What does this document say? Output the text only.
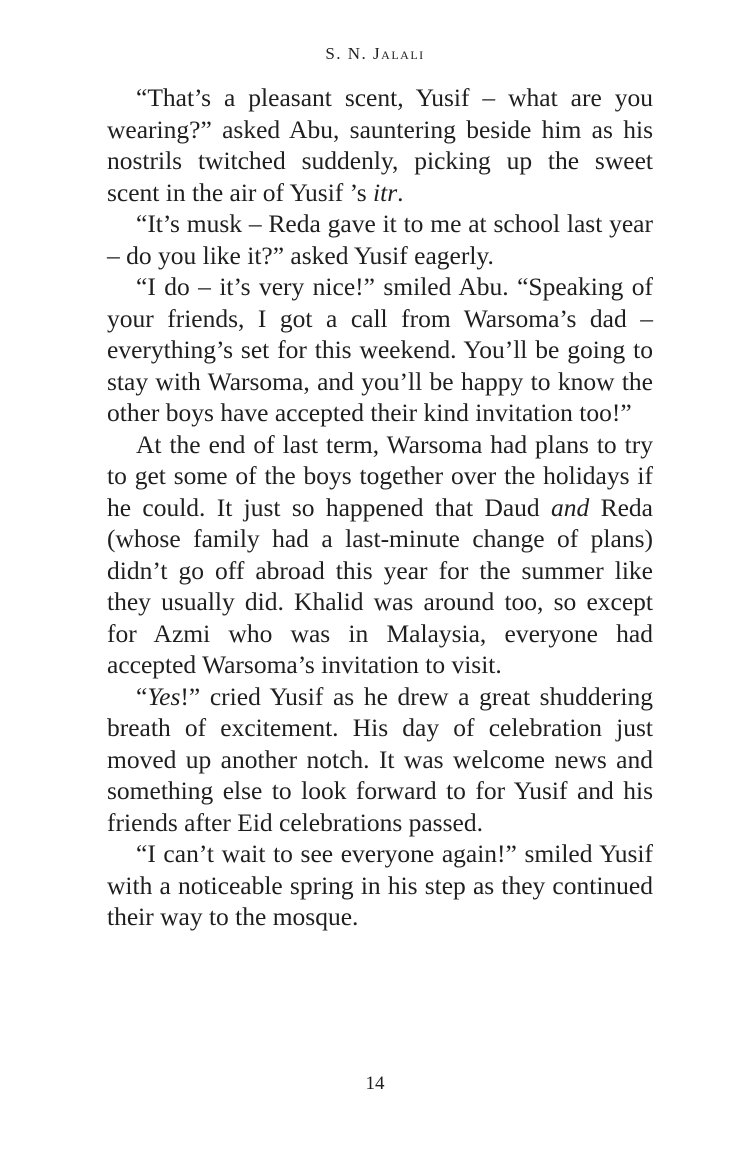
S. N. Jalali

“That’s a pleasant scent, Yusif – what are you wearing?” asked Abu, sauntering beside him as his nostrils twitched suddenly, picking up the sweet scent in the air of Yusif ’s itr.

“It’s musk – Reda gave it to me at school last year – do you like it?” asked Yusif eagerly.

“I do – it’s very nice!” smiled Abu. “Speaking of your friends, I got a call from Warsoma’s dad – everything’s set for this weekend. You’ll be going to stay with Warsoma, and you’ll be happy to know the other boys have accepted their kind invitation too!”

At the end of last term, Warsoma had plans to try to get some of the boys together over the holidays if he could. It just so happened that Daud and Reda (whose family had a last-minute change of plans) didn’t go off abroad this year for the summer like they usually did. Khalid was around too, so except for Azmi who was in Malaysia, everyone had accepted Warsoma’s invitation to visit.

“Yes!” cried Yusif as he drew a great shuddering breath of excitement. His day of celebration just moved up another notch. It was welcome news and something else to look forward to for Yusif and his friends after Eid celebrations passed.

“I can’t wait to see everyone again!” smiled Yusif with a noticeable spring in his step as they continued their way to the mosque.

14
